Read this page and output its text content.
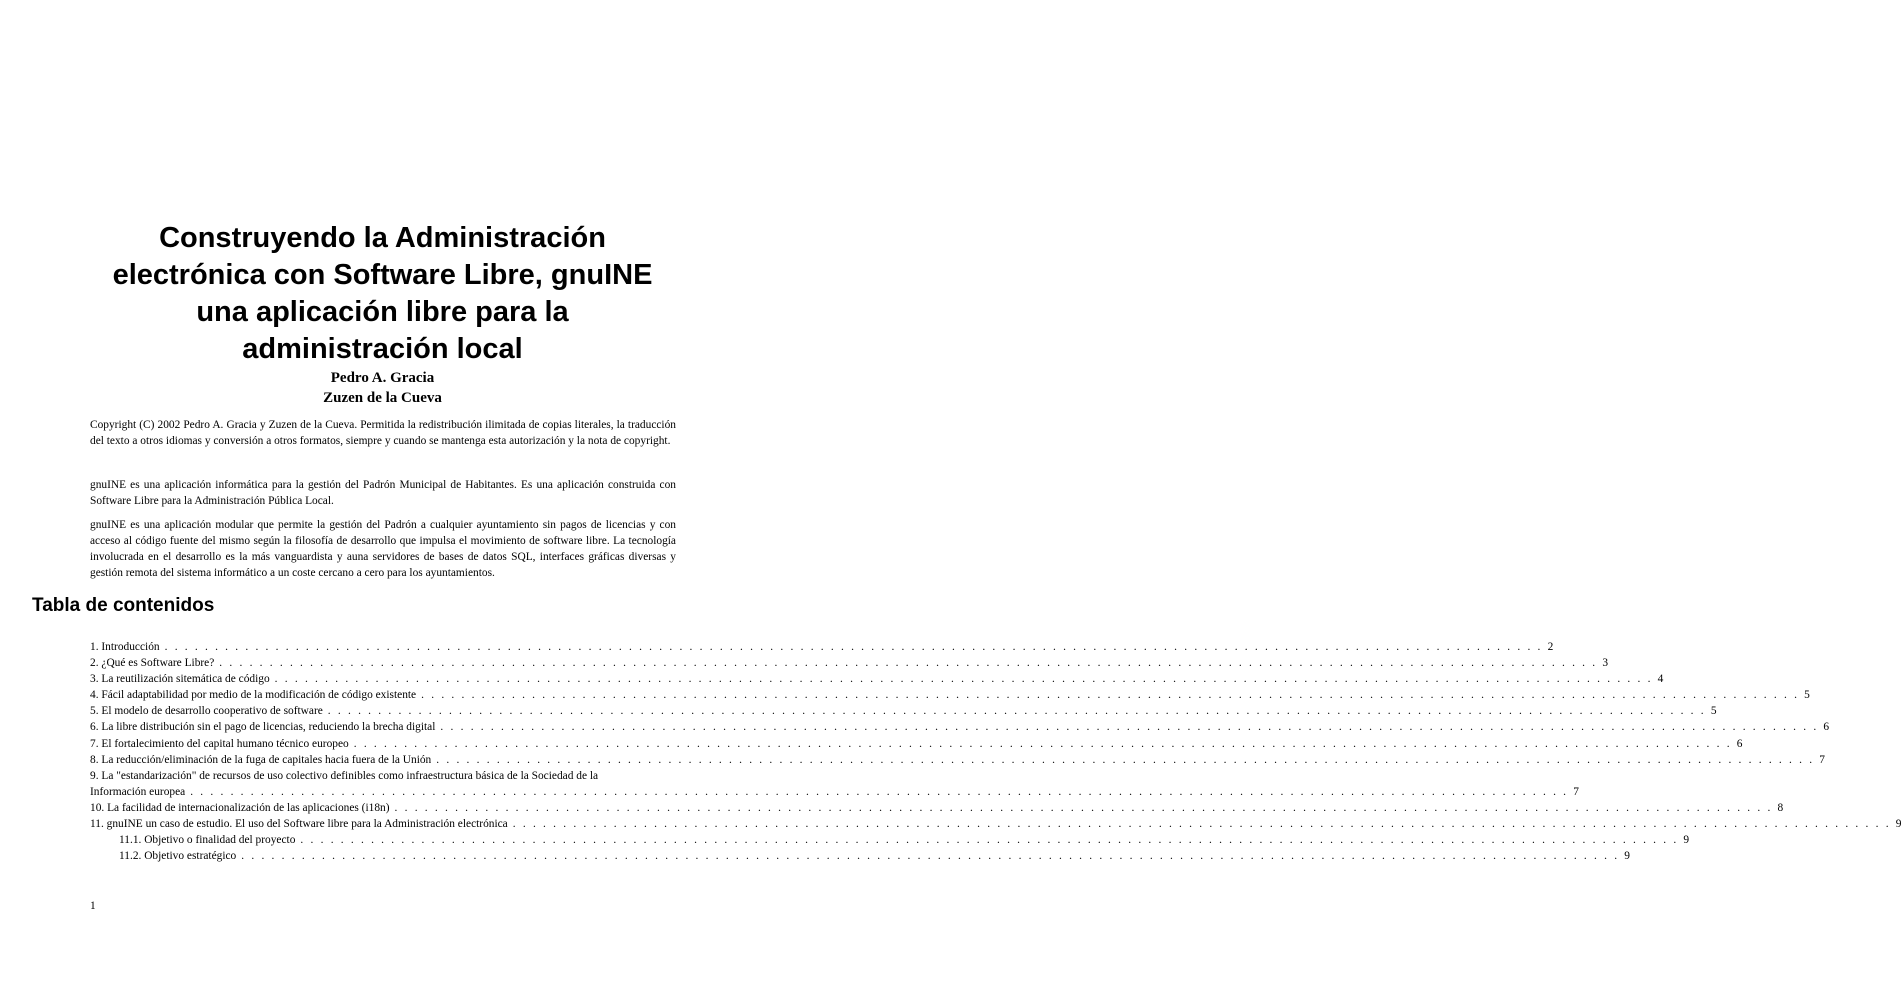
Construyendo la Administración
electrónica con Software Libre, gnuINE
una aplicación libre para la
administración local
Pedro A. Gracia
Zuzen de la Cueva

Copyright (C) 2002 Pedro A. Gracia y Zuzen de la Cueva. Permitida la redistribución ilimitada de copias literales, la traducción del texto a otros idiomas y conversión a otros formatos, siempre y cuando se mantenga esta autorización y la nota de copyright.

gnuINE es una aplicación informática para la gestión del Padrón Municipal de Habitantes. Es una aplicación construida con Software Libre para la Administración Pública Local.

gnuINE es una aplicación modular que permite la gestión del Padrón a cualquier ayuntamiento sin pagos de licencias y con acceso al código fuente del mismo según la filosofía de desarrollo que impulsa el movimiento de software libre. La tecnología involucrada en el desarrollo es la más vanguardista y auna servidores de bases de datos SQL, interfaces gráficas diversas y gestión remota del sistema informático a un coste cercano a cero para los ayuntamientos.

Tabla de contenidos
1. Introducción . . .	2
2. ¿Qué es Software Libre? . . .	3
3. La reutilización sitemática de código . . .	4
4. Fácil adaptabilidad por medio de la modificación de código existente . . .	5
5. El modelo de desarrollo cooperativo de software . . .	5
6. La libre distribución sin el pago de licencias, reduciendo la brecha digital . . .	6
7. El fortalecimiento del capital humano técnico europeo . . .	6
8. La reducción/eliminación de la fuga de capitales hacia fuera de la Unión . . .	7
9. La "estandarización" de recursos de uso colectivo definibles como infraestructura básica de la Sociedad de la
Información europea . . .	7
10. La facilidad de internacionalización de las aplicaciones (i18n) . . .	8
11. gnuINE un caso de estudio. El uso del Software libre para la Administración electrónica . . .	9
11.1. Objetivo o finalidad del proyecto . . .	9
11.2. Objetivo estratégico . . .	9
1
